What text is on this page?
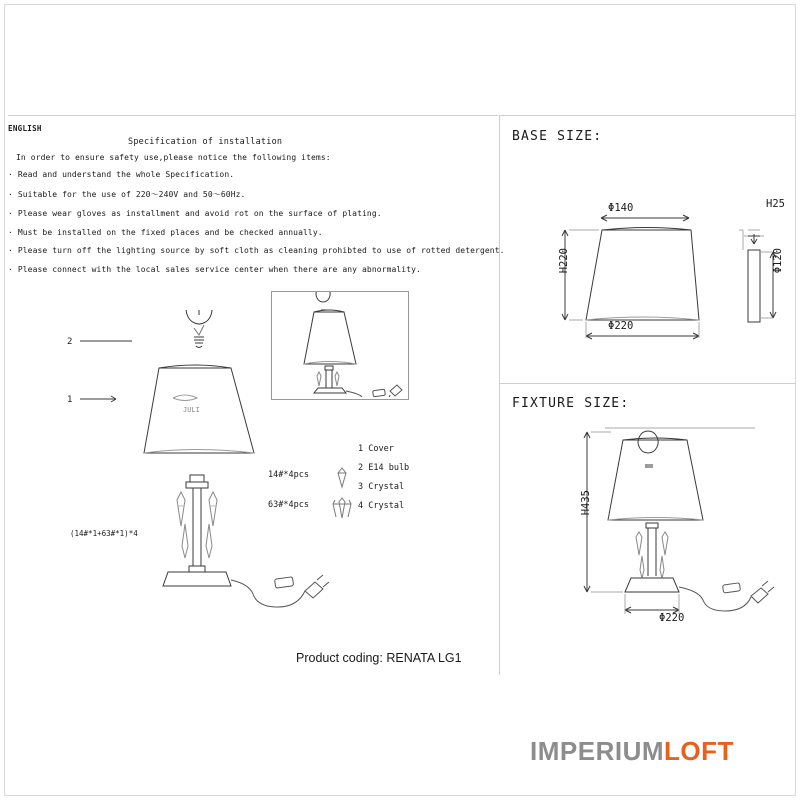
ENGLISH
Specification of installation
In order to ensure safety use,please notice the following items:
· Read and understand the whole Specification.
· Suitable for the use of 220～240V and 50～60Hz.
· Please wear gloves as installment and avoid rot on the surface of plating.
· Must be installed on the fixed places and be checked annually.
· Please turn off the lighting source by soft cloth as cleaning prohibted to use of rotted detergent.
· Please connect with the local sales service center when there are any abnormality.
JULI
2
1
(14#*1+63#*1)*4
1 Cover
2 E14 bulb
3 Crystal
4 Crystal
14#*4pcs
63#*4pcs
Product coding: RENATA LG1
BASE SIZE:
Φ140
H220
Φ220
H25
Φ120
FIXTURE SIZE:
H435
Φ220
IMPERIUMLOFT
